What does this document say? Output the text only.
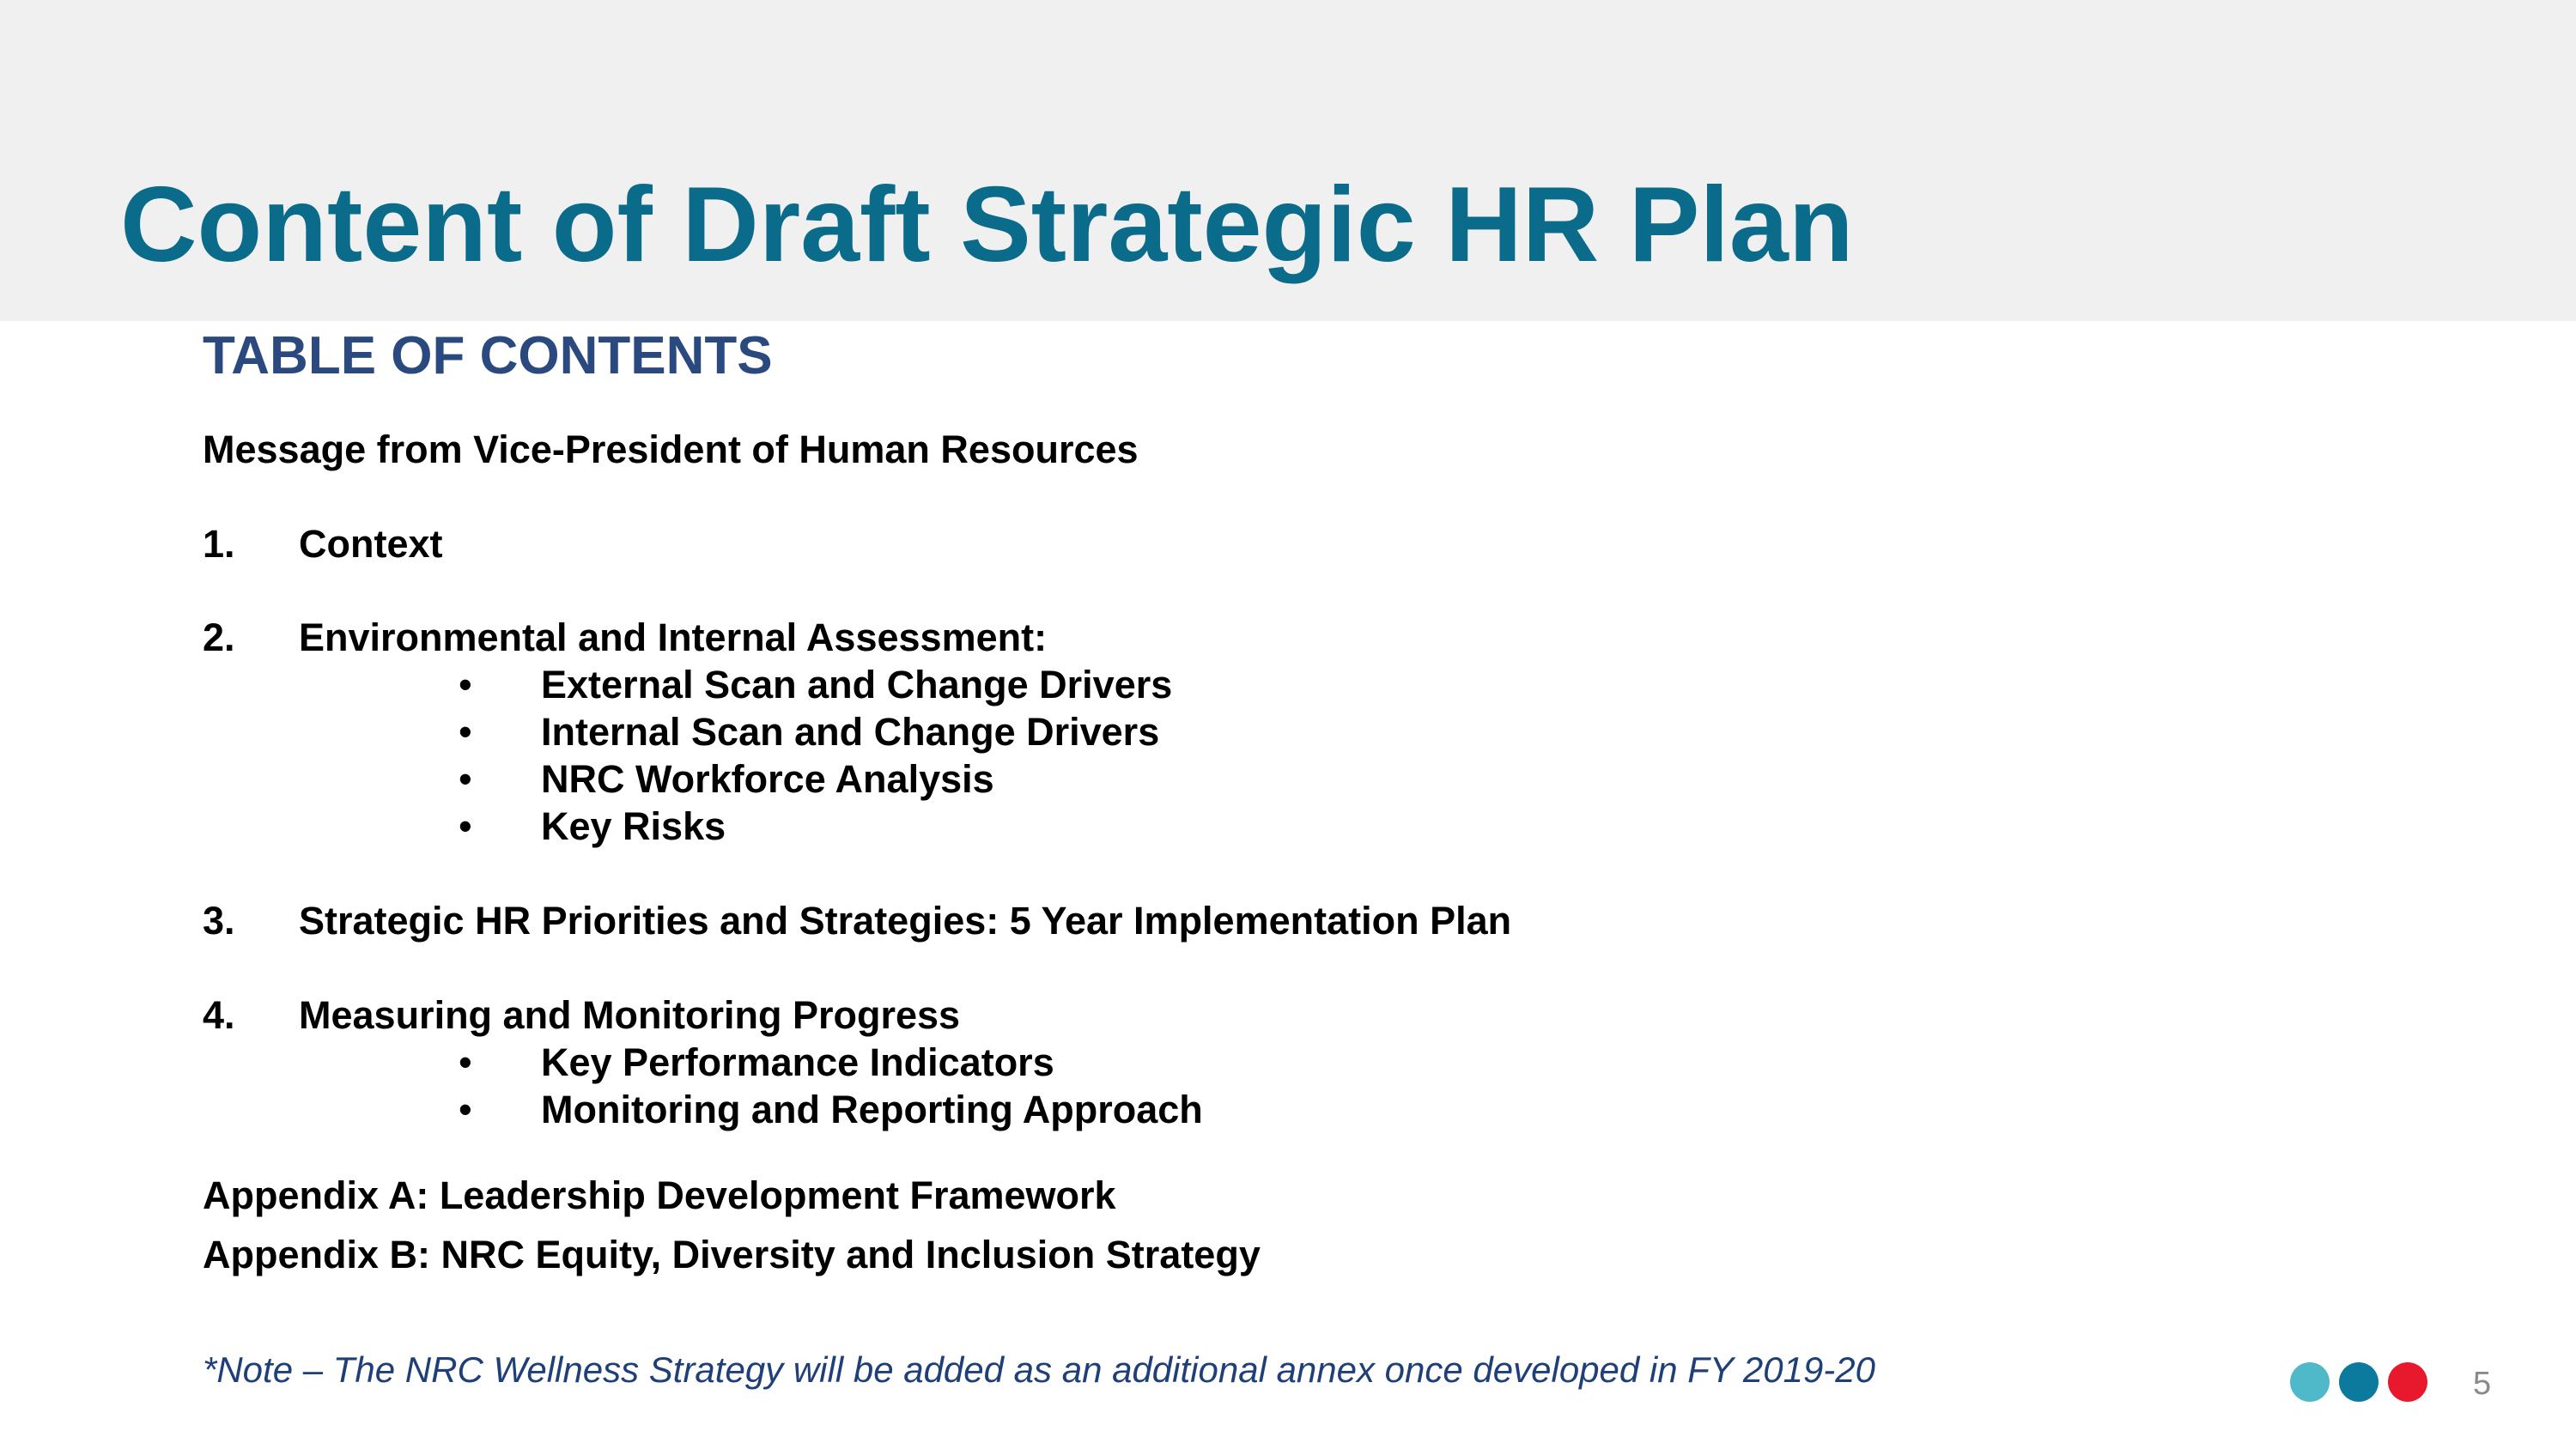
Content of Draft Strategic HR Plan
TABLE OF CONTENTS
Message from Vice-President of Human Resources
1. Context
2. Environmental and Internal Assessment:
• External Scan and Change Drivers
• Internal Scan and Change Drivers
• NRC Workforce Analysis
• Key Risks
3. Strategic HR Priorities and Strategies: 5 Year Implementation Plan
4. Measuring and Monitoring Progress
• Key Performance Indicators
• Monitoring and Reporting Approach
Appendix A: Leadership Development Framework
Appendix B: NRC Equity, Diversity and Inclusion Strategy
*Note – The NRC Wellness Strategy will be added as an additional annex once developed in FY 2019-20	5
